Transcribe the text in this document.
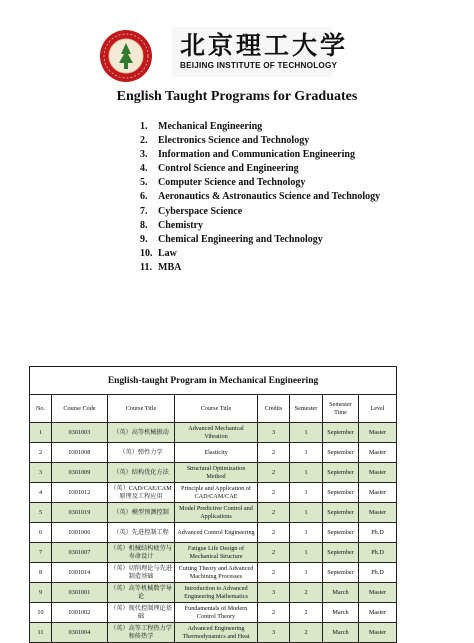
北京理工大学
BEIJING INSTITUTE OF TECHNOLOGY
English Taught Programs for Graduates
1. Mechanical Engineering
2. Electronics Science and Technology
3. Information and Communication Engineering
4. Control Science and Engineering
5. Computer Science and Technology
6. Aeronautics & Astronautics Science and Technology
7. Cyberspace Science
8. Chemistry
9. Chemical Engineering and Technology
10. Law
11. MBA
English-taught Program in Mechanical Engineering							
No.	Course Code	Course Title	Course Title	Credits	Semester	Semester Time	Level
1	0301003	（英）高等机械振动	Advanced Mechanical Vibration	3	1	September	Master
2	0301008	（英）弹性力学	Elasticity	2	1	September	Master
3	0301009	（英）结构优化方法	Structural Optimization Method	2	1	September	Master
4	0301012	（英）CAD/CAE/CAM原理及工程应用	Principle and Application of CAD/CAM/CAE	2	1	September	Master
5	0301019	（英）模型预测控制	Model Predictive Control and Applications	2	1	September	Master
6	0301006	（英）先进控制工程	Advanced Control Engineering	2	1	September	Ph.D
7	0301007	（英）机械结构疲劳与寿命设计	Fatigue Life Design of Mechanical Structure	2	1	September	Ph.D
8	0301014	（英）切削理论与先进制造基础	Cutting Theory and Advanced Machining Processes	2	1	September	Ph.D
9	0301001	（英）高等机械数学导论	Introduction to Advanced Engineering Mathematics	3	2	March	Master
10	0301002	（英）现代控制理论基础	Fundamentals of Modern Control Theory	2	2	March	Master
11	0301004	（英）高等工程热力学和传热学	Advanced Engineering Thermodynamics and Heat	3	2	March	Master
